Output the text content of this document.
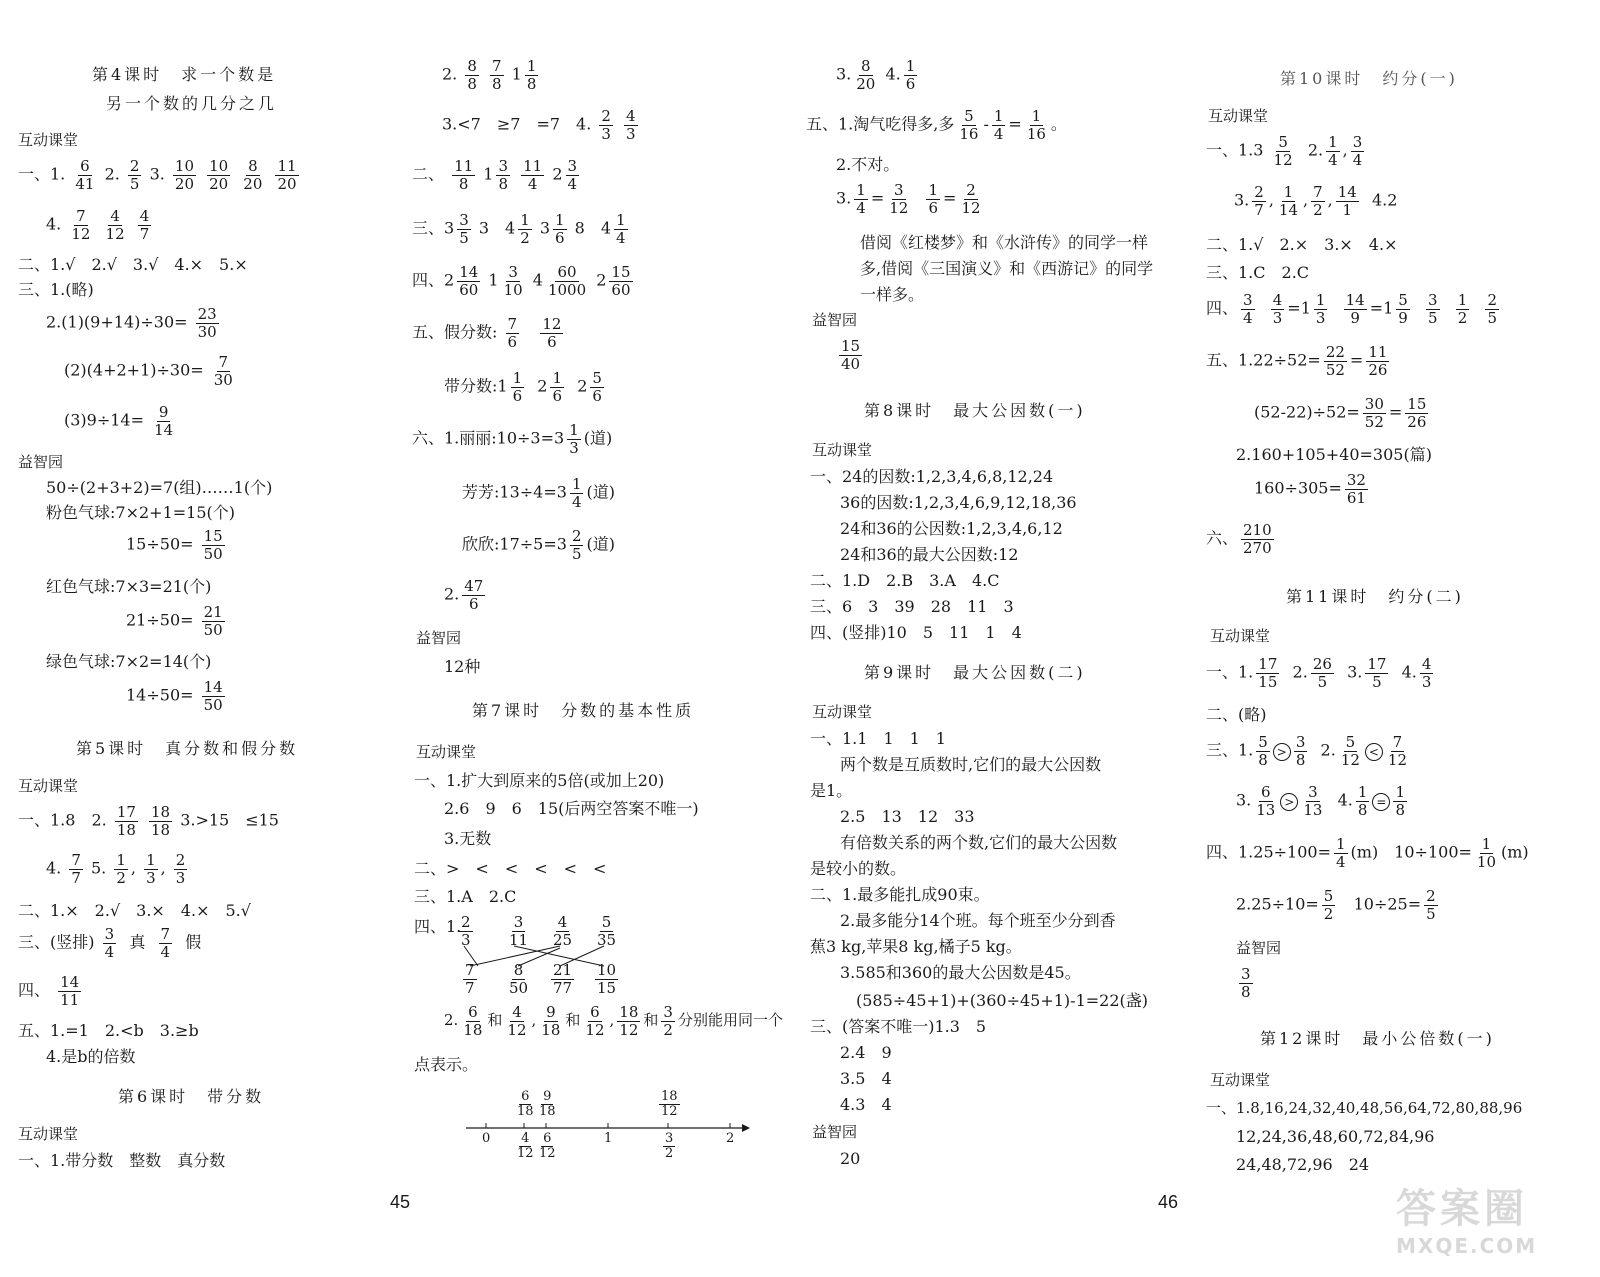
第4课时　求一个数是
另一个数的几分之几
互动课堂
一、1. $\frac{6}{41} 2$. $\frac{2}{5} 3$. $\frac{10}{20}$
$\frac{10}{20}$
$\frac{8}{20}$
$\frac{11}{20}$
4. $\frac{7}{12}$
$\frac{4}{12}$
$\frac{4}{7}$
二、1.√　2.√　3.√　4.×　5.×
三、1.(略)
$2.(1)(9+14)\div 30= \frac{23}{30}$
$(2)(4+2+1)\div 30= \frac{7}{30}$
$(3)9\div 14= \frac{9}{14}$
益智园
50÷(2+3+2)=7(组)……1(个)
粉色气球:7×2+1=15(个)
$15\div 50= \frac{15}{50}$
红色气球:7×3=21(个)
$21\div 50= \frac{21}{50}$
绿色气球:7×2=14(个)
$14\div 50= \frac{14}{50}$
第5课时　真分数和假分数
互动课堂
一、1.8　2. $\frac{17}{18}$
$\frac{18}{18} 3.>15$　≤15
4. $\frac{7}{7} 5$. $\frac{1}{2}$ , $\frac{1}{3}$ , $\frac{2}{3}$
二、1.×　2.√　3.×　4.×　5.√
三、(竖排) $\frac{3}{4}$ 真 $\frac{7}{4}$ 假
四、 $\frac{14}{11}$
五、1.=1　2.<b　3.≥b
4.是b的倍数
第6课时　带分数
互动课堂
一、1.带分数　整数　真分数
2. $\frac{8}{8}$
$\frac{7}{8} 1 \frac{1}{8}$
3.<7　≥7　=7　4. $\frac{2}{3}$
$\frac{4}{3}$
二、 $\frac{11}{8} 1 \frac{3}{8}$
$\frac{11}{4} 2 \frac{3}{4}$
三、$3 \frac{3}{5} 3$　$4 \frac{1}{2} 3 \frac{1}{6} 8$　$4 \frac{1}{4}$
四、$2 \frac{14}{60} 1 \frac{3}{10} 4 \frac{60}{1000} 2 \frac{15}{60}$
五、假分数: $\frac{7}{6}$
$\frac{12}{6}$
带分数:1 $\frac{1}{6} 2 \frac{1}{6} 2 \frac{5}{6}$
六、1.丽丽:10÷3=3 $\frac{1}{3}$ (道)
芳芳:13÷4=3 $\frac{1}{4}$ (道)
欣欣:17÷5=3 $\frac{2}{5}$ (道)
2. $\frac{47}{6}$
益智园
12种
第7课时　分数的基本性质
互动课堂
一、1.扩大到原来的5倍(或加上20)
2.6　9　6　15(后两空答案不唯一)
3.无数
二、>　<　<　<　<　<
三、1.A　2.C
四、1.
$\frac{2}{3} \frac{3}{11} \frac{4}{25} \frac{5}{35}$
$\frac{7}{7} \frac{8}{50} \frac{21}{77} \frac{10}{15}$
2. $\frac{6}{18}$ 和 $\frac{4}{12}$ , $\frac{9}{18}$ 和 $\frac{6}{12}$ , $\frac{18}{12}$ 和 $\frac{3}{2}$ 分别能用同一个
点表示。
0	1	2
$\frac{6}{18} \frac{9}{18}$	$\frac{18}{12}$
$\frac{4}{12} \frac{6}{12}$	$\frac{3}{2}$
45
3. $\frac{8}{20} 4$. $\frac{1}{6}$
五、1.淘气吃得多,多 $\frac{5}{16} - \frac{1}{4} = \frac{1}{16}$ 。
2.不对。
3. $\frac{1}{4} = \frac{3}{12}$
$\frac{1}{6} = \frac{2}{12}$
借阅《红楼梦》和《水浒传》的同学一样
多,借阅《三国演义》和《西游记》的同学
一样多。
益智园
$\frac{15}{40}$
第8课时　最大公因数(一)
互动课堂
一、24的因数:1,2,3,4,6,8,12,24
36的因数:1,2,3,4,6,9,12,18,36
24和36的公因数:1,2,3,4,6,12
24和36的最大公因数:12
二、1.D　2.B　3.A　4.C
三、6　3　39　28　11　3
四、(竖排)10　5　11　1　4
第9课时　最大公因数(二)
互动课堂
一、1.1　1　1　1
两个数是互质数时,它们的最大公因数
是1。
2.5　13　12　33
有倍数关系的两个数,它们的最大公因数
是较小的数。
二、1.最多能扎成90束。
2.最多能分14个班。每个班至少分到香
蕉3 kg,苹果8 kg,橘子5 kg。
3.585和360的最大公因数是45。
(585÷45+1)+(360÷45+1)-1=22(盏)
三、(答案不唯一)1.3　5
2.4　9
3.5　4
4.3　4
益智园
20
第10课时　约分(一)
互动课堂
一、$1.3 \frac{5}{12} 2$. $\frac{1}{4}$ , $\frac{3}{4}$
3. $\frac{2}{7}$ , $\frac{1}{14}$ , $\frac{7}{2}$ , $\frac{14}{1} 4.2$
二、1.√　2.×　3.×　4.×
三、1.C　2.C
四、 $\frac{3}{4}$
$\frac{4}{3} =1 \frac{1}{3}$
$\frac{14}{9} =1 \frac{5}{9}$
$\frac{3}{5}$
$\frac{1}{2}$
$\frac{2}{5}$
五、$1.22\div 52= \frac{22}{52} = \frac{11}{26}$
$(52-22)\div 52= \frac{30}{52} = \frac{15}{26}$
2.160+105+40=305(篇)
$160\div 305= \frac{32}{61}$
六、 $\frac{210}{270}$
第11课时　约分(二)
互动课堂
一、1. $\frac{17}{15} 2$. $\frac{26}{5} 3$. $\frac{17}{5} 4$. $\frac{4}{3}$
二、(略)
三、1. $\frac{5}{8} > \frac{3}{8} 2$. $\frac{5}{12} < \frac{7}{12}$
3. $\frac{6}{13} > \frac{3}{13} 4$. $\frac{1}{8} = \frac{1}{8}$
四、$1.25\div 100= \frac{1}{4} (m)$　$10\div 100= \frac{1}{10} (m)$
$2.25\div 10= \frac{5}{2} 10\div 25= \frac{2}{5}$
益智园
$\frac{3}{8}$
第12课时　最小公倍数(一)
互动课堂
一、1.8,16,24,32,40,48,56,64,72,80,88,96
12,24,36,48,60,72,84,96
24,48,72,96　24
46	答案圈
MXQE.COM
